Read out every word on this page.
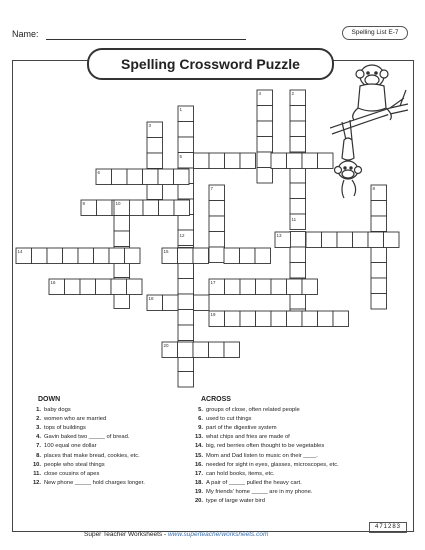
Name:	Spelling List E-7
Spelling Crossword Puzzle
1
2
3
4
5
6
7	8
9	10
11
12	13
14	15
16	17
18
19
20
DOWN	ACROSS
1. baby dogs
2. women who are married
3. tops of buildings
4. Gavin baked two _____ of bread.
7. 100 equal one dollar
8. places that make bread, cookies, etc.
10. people who steal things
11. close cousins of apes
12. New phone _____ hold charges longer.
5. groups of close, often related people
6. used to cut things
9. part of the digestive system
13. what chips and fries are made of
14. big, red berries often thought to be vegetables
15. Mom and Dad listen to music on their ____.
16. needed for sight in eyes, glasses, microscopes, etc.
17. can hold books, items, etc.
18. A pair of _____ pulled the heavy cart.
19. My friends' home _____ are in my phone.
20. type of large water bird
Super Teacher Worksheets - www.superteacherworksheets.com
471283
